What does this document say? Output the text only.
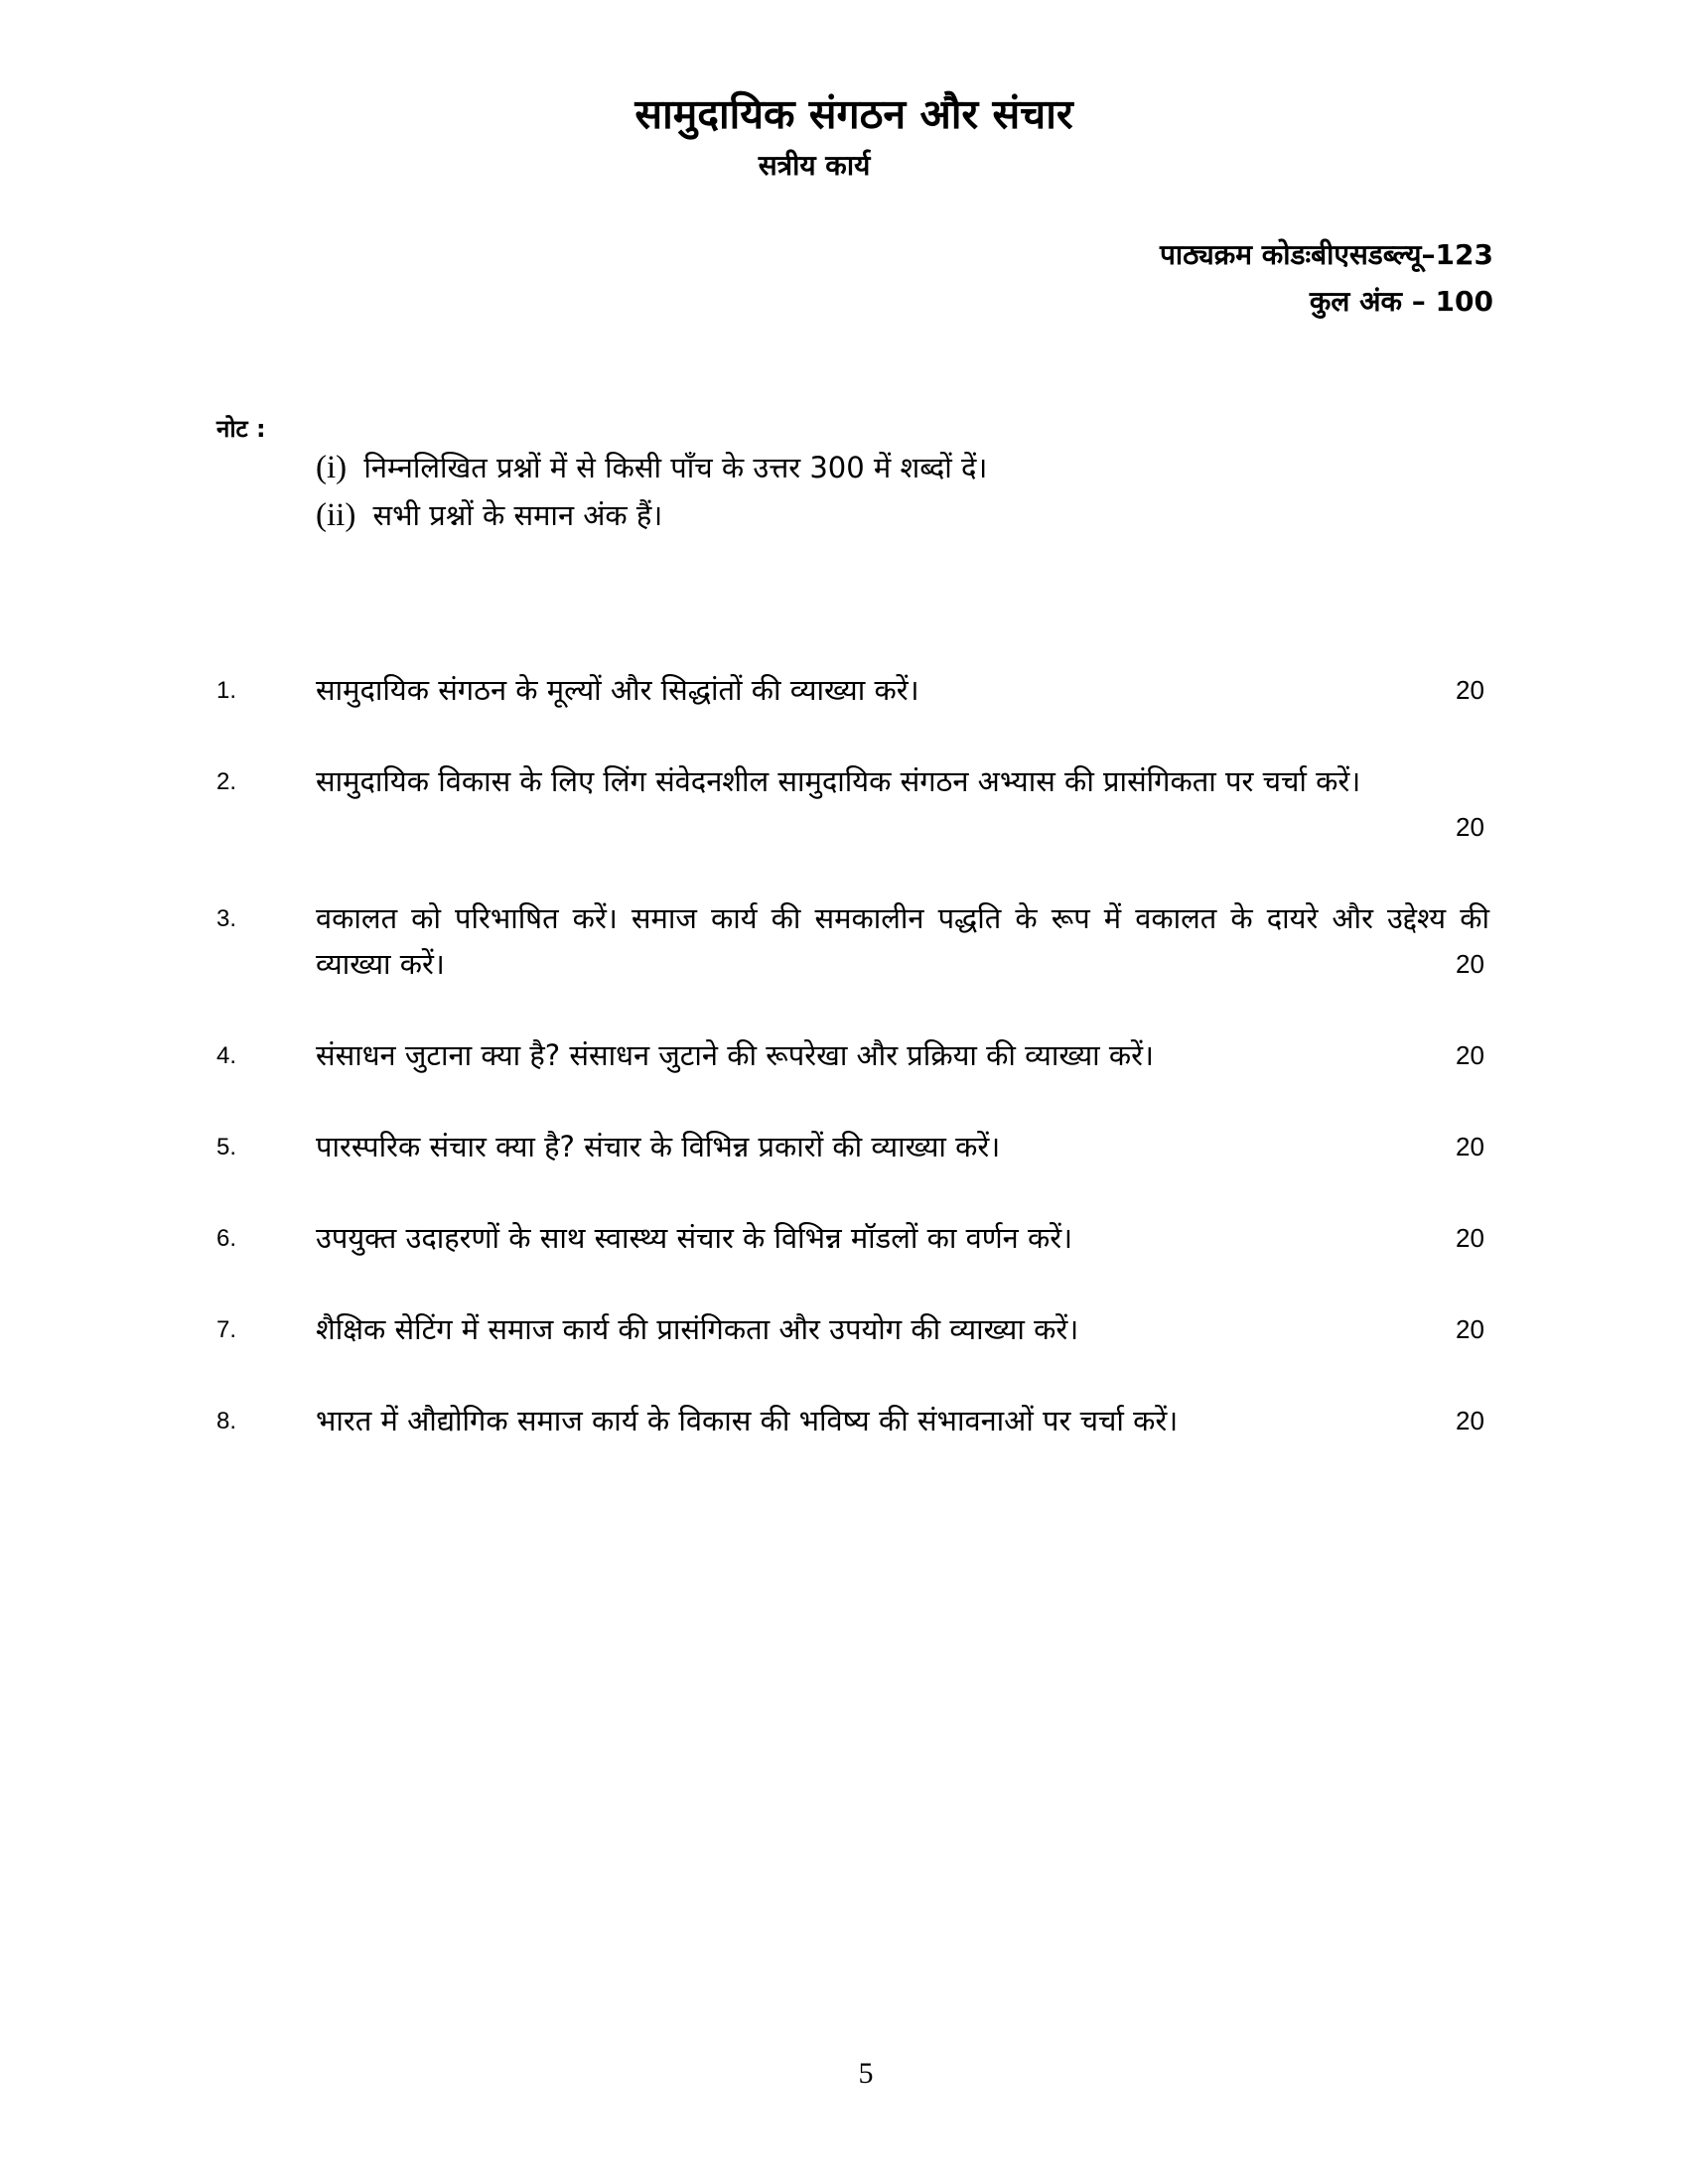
सामुदायिक संगठन और संचार
सत्रीय कार्य
पाठ्यक्रम कोडःबीएसडब्ल्यू–123
कुल अंक – 100
नोट :
(i) निम्नलिखित प्रश्नों में से किसी पाँच के उत्तर 300 में शब्दों दें।
(ii) सभी प्रश्नों के समान अंक हैं।
1.	सामुदायिक संगठन के मूल्यों और सिद्धांतों की व्याख्या करें।	20
2.	सामुदायिक विकास के लिए लिंग संवेदनशील सामुदायिक संगठन अभ्यास की प्रासंगिकता पर चर्चा करें।
20
3.	वकालत को परिभाषित करें। समाज कार्य की समकालीन पद्धति के रूप में वकालत के दायरे और उद्देश्य की व्याख्या करें।	20
4.	संसाधन जुटाना क्या है? संसाधन जुटाने की रूपरेखा और प्रक्रिया की व्याख्या करें।	20
5.	पारस्परिक संचार क्या है? संचार के विभिन्न प्रकारों की व्याख्या करें।	20
6.	उपयुक्त उदाहरणों के साथ स्वास्थ्य संचार के विभिन्न मॉडलों का वर्णन करें।	20
7.	शैक्षिक सेटिंग में समाज कार्य की प्रासंगिकता और उपयोग की व्याख्या करें।	20
8.	भारत में औद्योगिक समाज कार्य के विकास की भविष्य की संभावनाओं पर चर्चा करें।	20
5
